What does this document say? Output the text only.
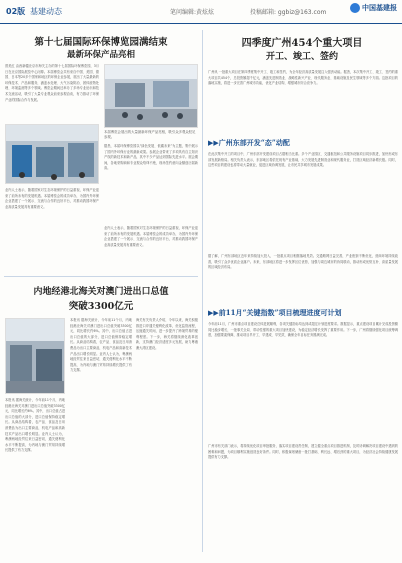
02版 基建动态	笔问编辑:黄炫炫	投稿邮箱: ggbiz@163.com
中国基建报
第十七届国际环保博览园满结束
最新环保产品亮相
曾美红 由西新疆北京市海关主办的第十七届国际环保博览园，3月日在北京国际展览中心闭幕。本届博览会共有来自中国、美国、德国、日本等20多个国家和地区的环保企业参展，展出了大量最新的环保技术、产品和服务，涵盖水处理、大气污染防治、固体废物处理、环境监测等多个领域。博览会期间还举办了多场专业论坛和技术交流活动，吸引了大量专业观众前来参观洽谈，有力推动了环保产业的国际合作与发展。
本届博览会展出的大量最新环保产品亮相，吸引众多观众驻足参观。
据悉，本届环保博览园以“绿色发展、低碳未来”为主题，集中展示了国内外环保行业的最新成果。参展企业带来了多项具有自主知识产权的新技术和新产品，其中不少产品达到国际先进水平。展会期间，各地采购商和专业观众络绎不绝，现场签约意向金额创历届新高。
业内人士表示，随着国家对生态环境保护的日益重视，环保产业迎来了前所未有的发展机遇。本届博览会的成功举办，为国内外环保企业搭建了一个展示、交流与合作的良好平台，对推动我国环保产业高质量发展具有重要意义。
业内人士表示，随着国家对生态环境保护的日益重视，环保产业迎来了前所未有的发展机遇。本届博览会的成功举办，为国内外环保企业搭建了一个展示、交流与合作的良好平台，对推动我国环保产业高质量发展具有重要意义。
内地经港北海关对澳门进出口总值
突破3300亿元
本报讯 据海关统计，今年前11个月，内地经港北海关对澳门进出口总值突破3300亿元，同比增长约6%。其中，出口总值占进出口总值的大部分，进口总值保持稳定增长。从商品结构看，农产品、食品及日用消费品为出口主要商品，机电产品和高新技术产品出口增长明显。业内人士认为，粤澳两地经贸往来日益密切，通关便利化水平不断提高，为内地与澳门贸易持续增长提供了有力支撑。
海关有关负责人介绍，今年以来，海关积极推进口岸通关便利化改革，优化监管流程，压缩通关时间，进一步提升了跨境贸易的便利程度。下一步，海关将继续深化改革创新，支持澳门经济适度多元发展，助力粤港澳大湾区建设。
本报讯 据海关统计，今年前11个月，内地经港北海关对澳门进出口总值突破3300亿元，同比增长约6%。其中，出口总值占进出口总值的大部分，进口总值保持稳定增长。从商品结构看，农产品、食品及日用消费品为出口主要商品，机电产品和高新技术产品出口增长明显。业内人士认为，粤澳两地经贸往来日益密切，通关便利化水平不断提高，为内地与澳门贸易持续增长提供了有力支撑。
四季度广州454个重大项目
开工、竣工、签约
广州讯 一批重大项目在第四季度集中开工、竣工和签约，为全年经济高质量发展注入强劲动能。据悉，本次集中开工、竣工、签约的重大项目共454个，总投资额超千亿元，涵盖先进制造业、战略性新兴产业、现代服务业、基础设施及民生领域等多个方面。这批项目的落地实施，将进一步完善广州城市功能，优化产业结构，增强城市综合竞争力。
▶▶广州东部开发“态”动配
在此次集中开工的项目中，广州东部开发建设项目占据相当比重。多个产业园区、交通枢纽和公共服务设施项目同步推进，加快形成东部发展新格局。相关负责人表示，东部地区将依托现有产业基础，大力发展先进制造业和现代服务业，打造区域经济新增长极。同时，这些项目的建设也将带动大量就业，促进区域协调发展，让市民共享城市发展成果。
据了解，广州东部地区近年来持续加大投入，一批重点项目相继落地见效。交通路网日益完善，产业配套不断优化，营商环境持续改善，吸引了众多优质企业落户。未来，东部地区将进一步发挥区位优势，加强与周边城市的协同联动，推动形成优势互补、高质量发展的区域经济布局。
▶▶前11月“关键指数”项目梳理进度可计划
今年前11月，广州市重点项目建设总体进展顺利，各项关键指标均达到或超过计划进度要求。数据显示，重点建设项目累计完成投资额同比稳步增长，一批事关全局、带动性强的重大项目加快建设，为稳定经济增长发挥了重要作用。下一步，广州将继续强化项目统筹调度，加强要素保障，推动项目早开工、早建成、早见效，确保全年目标任务圆满完成。
广州市有关部门表示，将持续优化项目审批服务，落实项目建设责任制，建立健全重点项目推进机制，及时协调解决项目建设中遇到的困难和问题，为项目顺利实施创造良好条件。同时，积极谋划储备一批打基础、利长远、增后劲的重大项目，为经济社会持续健康发展提供有力支撑。
